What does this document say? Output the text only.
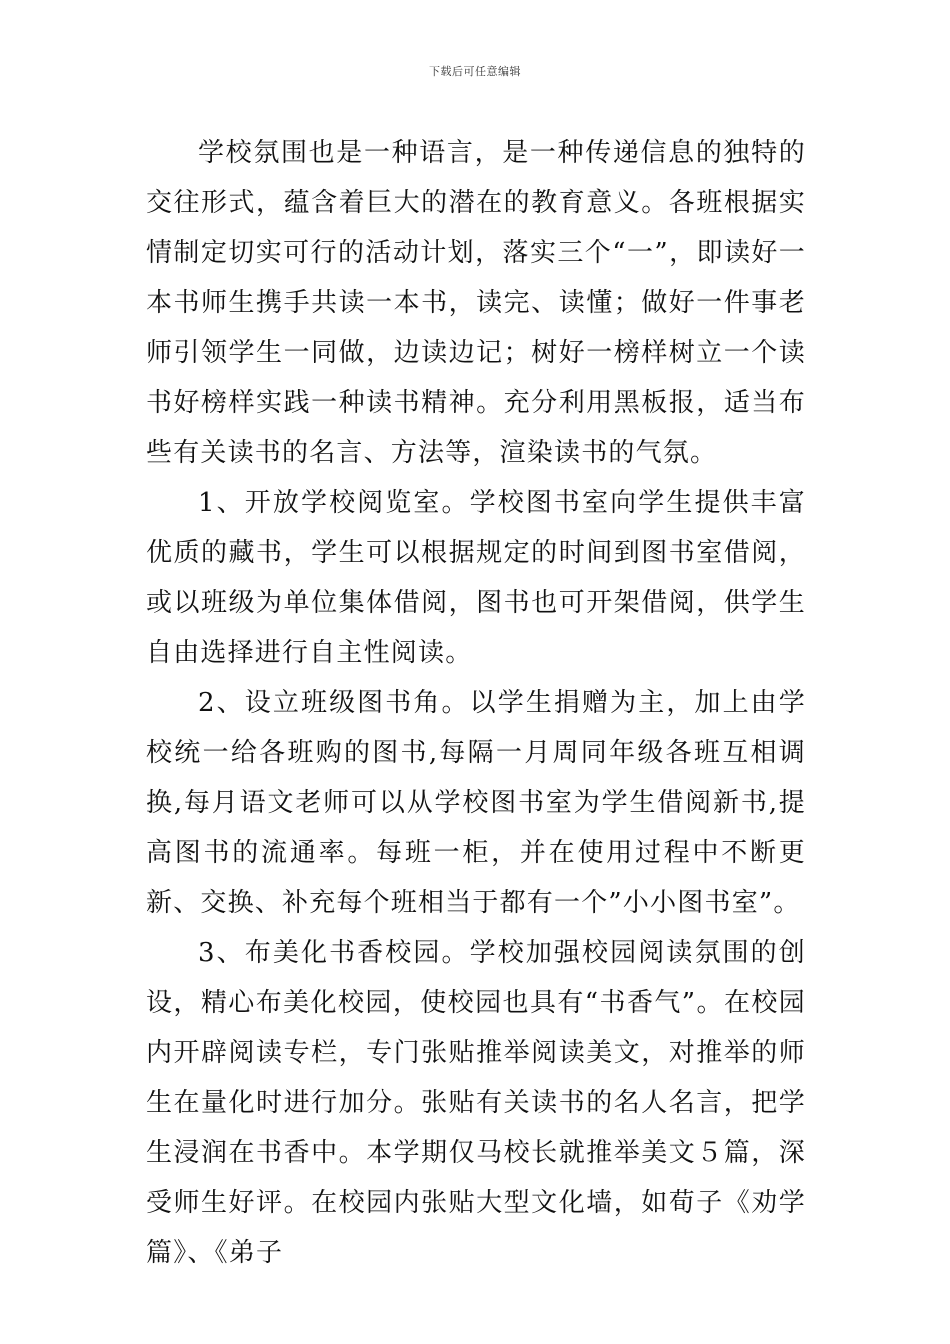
下载后可任意编辑

学校氛围也是一种语言，是一种传递信息的独特的交往形式，蕴含着巨大的潜在的教育意义。各班根据实情制定切实可行的活动计划，落实三个“一”，即读好一本书师生携手共读一本书，读完、读懂；做好一件事老师引领学生一同做，边读边记；树好一榜样树立一个读书好榜样实践一种读书精神。充分利用黑板报，适当布些有关读书的名言、方法等，渲染读书的气氛。

1、开放学校阅览室。学校图书室向学生提供丰富优质的藏书，学生可以根据规定的时间到图书室借阅，或以班级为单位集体借阅，图书也可开架借阅，供学生自由选择进行自主性阅读。

2、设立班级图书角。以学生捐赠为主，加上由学校统一给各班购的图书,每隔一月周同年级各班互相调换,每月语文老师可以从学校图书室为学生借阅新书,提高图书的流通率。每班一柜，并在使用过程中不断更新、交换、补充每个班相当于都有一个”小小图书室”。

3、布美化书香校园。学校加强校园阅读氛围的创设，精心布美化校园，使校园也具有“书香气”。在校园内开辟阅读专栏，专门张贴推举阅读美文，对推举的师生在量化时进行加分。张贴有关读书的名人名言，把学生浸润在书香中。本学期仅马校长就推举美文５篇，深受师生好评。在校园内张贴大型文化墙，如荀子《劝学篇》、《弟子
